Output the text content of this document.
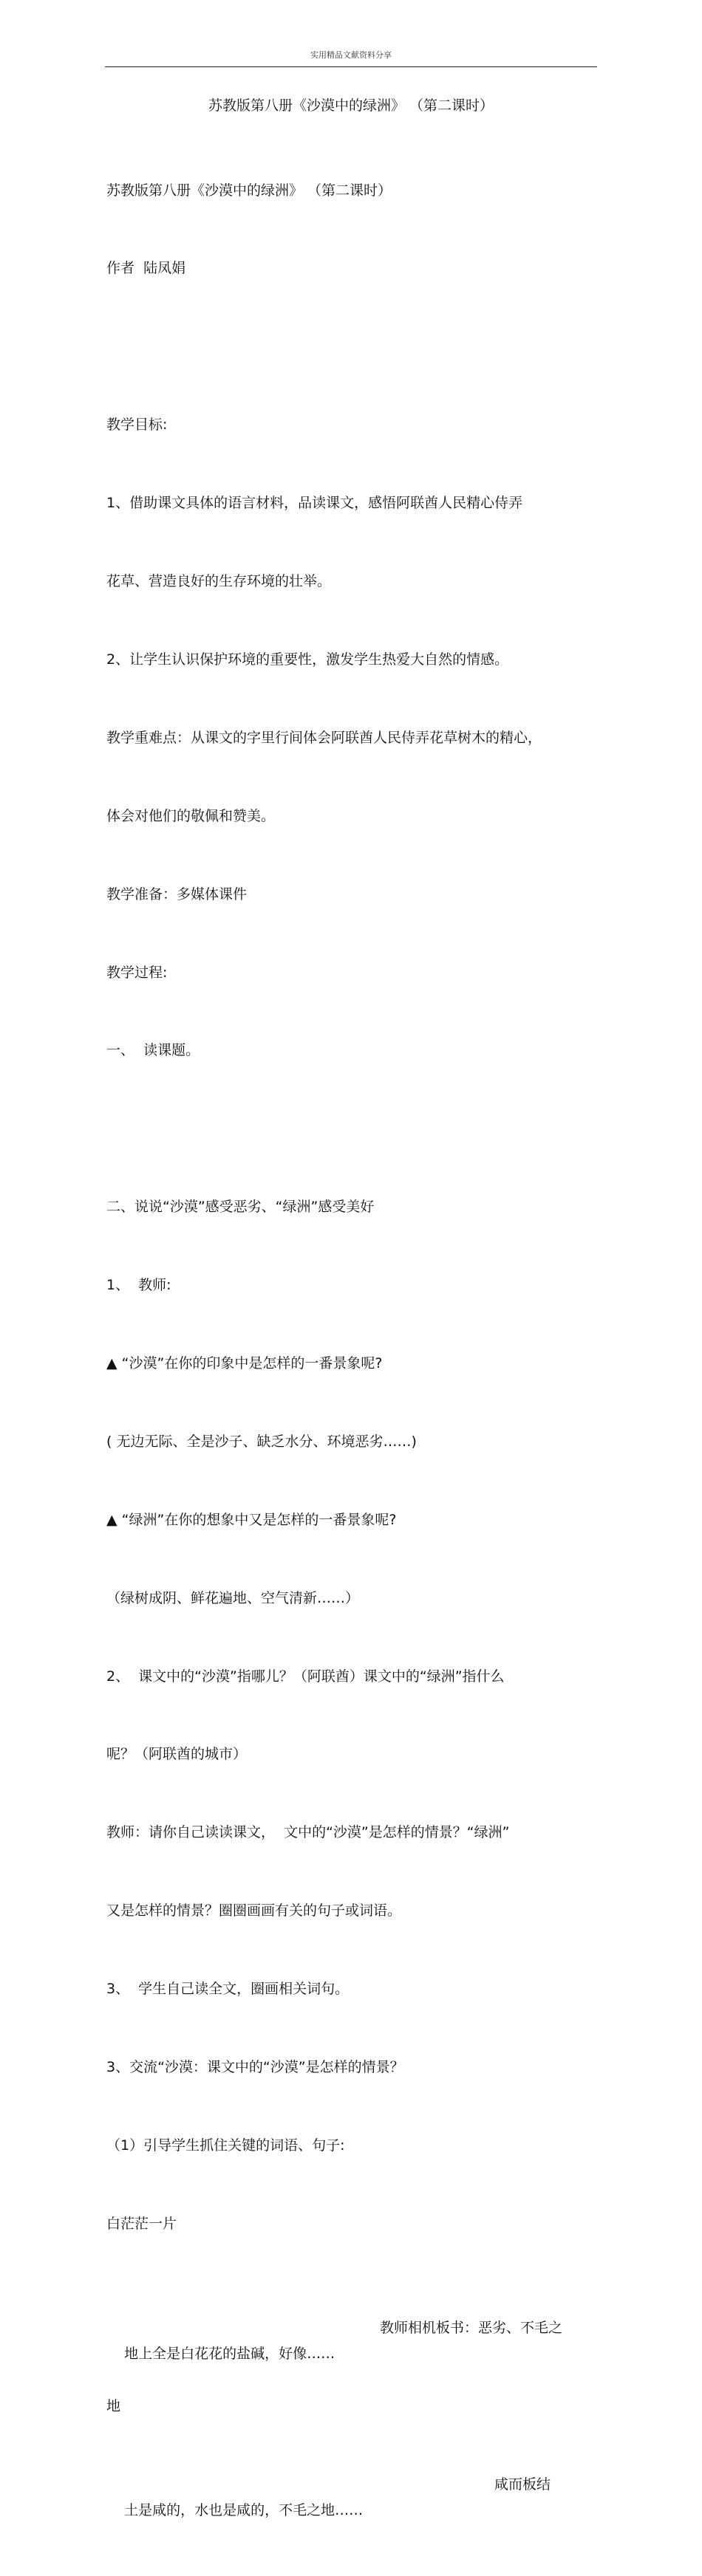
实用精品文献资料分享
苏教版第八册《沙漠中的绿洲》 （第二课时）

苏教版第八册《沙漠中的绿洲》 （第二课时）

作者  陆凤娟

教学目标:

1、借助课文具体的语言材料，品读课文，感悟阿联酋人民精心侍弄

花草、营造良好的生存环境的壮举。

2、让学生认识保护环境的重要性，激发学生热爱大自然的情感。

教学重难点：从课文的字里行间体会阿联酋人民侍弄花草树木的精心，

体会对他们的敬佩和赞美。

教学准备：多媒体课件

教学过程:

一、  读课题。

二、说说“沙漠”感受恶劣、“绿洲”感受美好

1、  教师:

▲ “沙漠”在你的印象中是怎样的一番景象呢?

( 无边无际、全是沙子、缺乏水分、环境恶劣……)

▲ “绿洲”在你的想象中又是怎样的一番景象呢?

（绿树成阴、鲜花遍地、空气清新……）

2、  课文中的“沙漠”指哪儿？（阿联酋）课文中的“绿洲”指什么

呢？（阿联酋的城市）

教师：请你自己读读课文，  文中的“沙漠”是怎样的情景？“绿洲”

又是怎样的情景？圈圈画画有关的句子或词语。

3、  学生自己读全文，圈画相关词句。

3、交流“沙漠：课文中的“沙漠”是怎样的情景？

（1）引导学生抓住关键的词语、句子:

白茫茫一片

地上全是白花花的盐碱，好像……

教师相机板书：恶劣、不毛之

地

土是咸的，水也是咸的，不毛之地……

咸而板结
